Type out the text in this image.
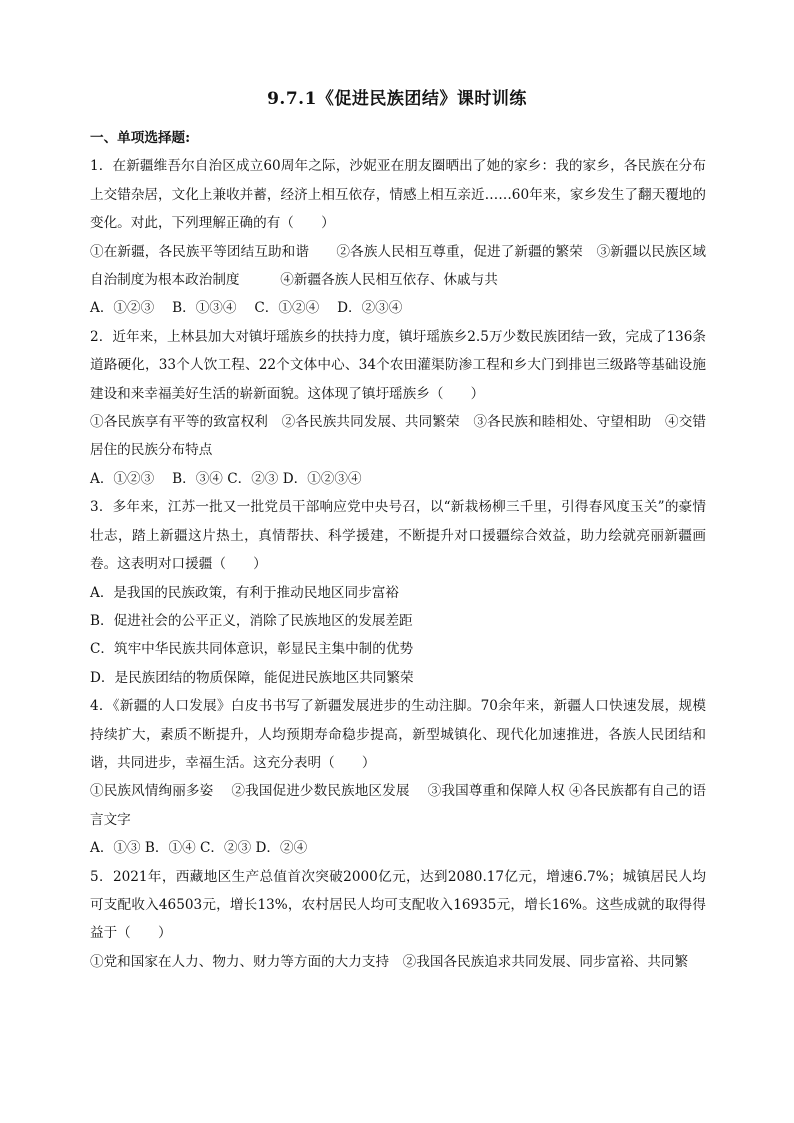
9.7.1《促进民族团结》课时训练

一、单项选择题:

1．在新疆维吾尔自治区成立60周年之际，沙妮亚在朋友圈晒出了她的家乡：我的家乡，各民族在分布上交错杂居，文化上兼收并蓄，经济上相互依存，情感上相互亲近……60年来，家乡发生了翻天覆地的变化。对此，下列理解正确的有（　　）

①在新疆，各民族平等团结互助和谐　　②各族人民相互尊重，促进了新疆的繁荣　③新疆以民族区域自治制度为根本政治制度　　　④新疆各族人民相互依存、休戚与共

A．①②③　 B．①③④　 C．①②④　 D．②③④

2．近年来，上林县加大对镇圩瑶族乡的扶持力度，镇圩瑶族乡2.5万少数民族团结一致，完成了136条道路硬化，33个人饮工程、22个文体中心、34个农田灌渠防渗工程和乡大门到排岜三级路等基础设施建设和来幸福美好生活的崭新面貌。这体现了镇圩瑶族乡（　　）

①各民族享有平等的致富权利　②各民族共同发展、共同繁荣　③各民族和睦相处、守望相助　④交错居住的民族分布特点

A．①②③　 B．③④ C．②③ D．①②③④

3．多年来，江苏一批又一批党员干部响应党中央号召，以“新栽杨柳三千里，引得春风度玉关”的豪情壮志，踏上新疆这片热土，真情帮扶、科学援建，不断提升对口援疆综合效益，助力绘就亮丽新疆画卷。这表明对口援疆（　　）

A．是我国的民族政策，有利于推动民地区同步富裕

B．促进社会的公平正义，消除了民族地区的发展差距

C．筑牢中华民族共同体意识，彰显民主集中制的优势

D．是民族团结的物质保障，能促进民族地区共同繁荣

4．《新疆的人口发展》白皮书书写了新疆发展进步的生动注脚。70余年来，新疆人口快速发展，规模持续扩大，素质不断提升，人均预期寿命稳步提高，新型城镇化、现代化加速推进，各族人民团结和谐，共同进步，幸福生活。这充分表明（　　）

①民族风情绚丽多姿　 ②我国促进少数民族地区发展　 ③我国尊重和保障人权 ④各民族都有自己的语言文字

A．①③ B．①④ C．②③ D．②④

5．2021年，西藏地区生产总值首次突破2000亿元，达到2080.17亿元，增速6.7%；城镇居民人均可支配收入46503元，增长13%，农村居民人均可支配收入16935元，增长16%。这些成就的取得得益于（　　）

①党和国家在人力、物力、财力等方面的大力支持　②我国各民族追求共同发展、同步富裕、共同繁
